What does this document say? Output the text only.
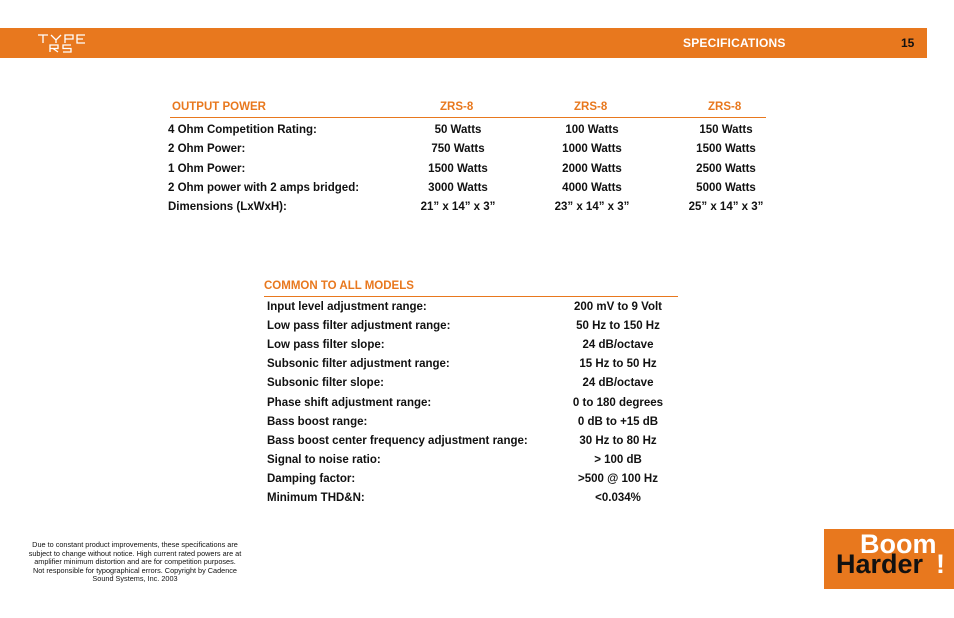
SPECIFICATIONS	15
OUTPUT POWER	ZRS-8	ZRS-8	ZRS-8
4 Ohm Competition Rating:	50 Watts	100 Watts	150 Watts
2 Ohm Power:	750 Watts	1000 Watts	1500 Watts
1 Ohm Power:	1500 Watts	2000 Watts	2500 Watts
2 Ohm power with 2 amps bridged:	3000 Watts	4000 Watts	5000 Watts
Dimensions (LxWxH):	21” x 14” x 3”	23” x 14” x 3”	25” x 14” x 3”
COMMON TO ALL MODELS
Input level adjustment range:	200 mV to 9 Volt
Low pass filter adjustment range:	50 Hz to 150 Hz
Low pass filter slope:	24 dB/octave
Subsonic filter adjustment range:	15 Hz to 50 Hz
Subsonic filter slope:	24 dB/octave
Phase shift adjustment range:	0 to 180 degrees
Bass boost range:	0 dB to +15 dB
Bass boost center frequency adjustment range:	30 Hz to 80 Hz
Signal to noise ratio:	> 100 dB
Damping factor:	>500 @ 100 Hz
Minimum THD&N:	<0.034%
Due to constant product improvements, these specifications are subject to change without notice. High current rated powers are at amplifier minimum distortion and are for competition purposes. Not responsible for typographical errors. Copyright by Cadence Sound Systems, Inc. 2003
Boom
Harder !
